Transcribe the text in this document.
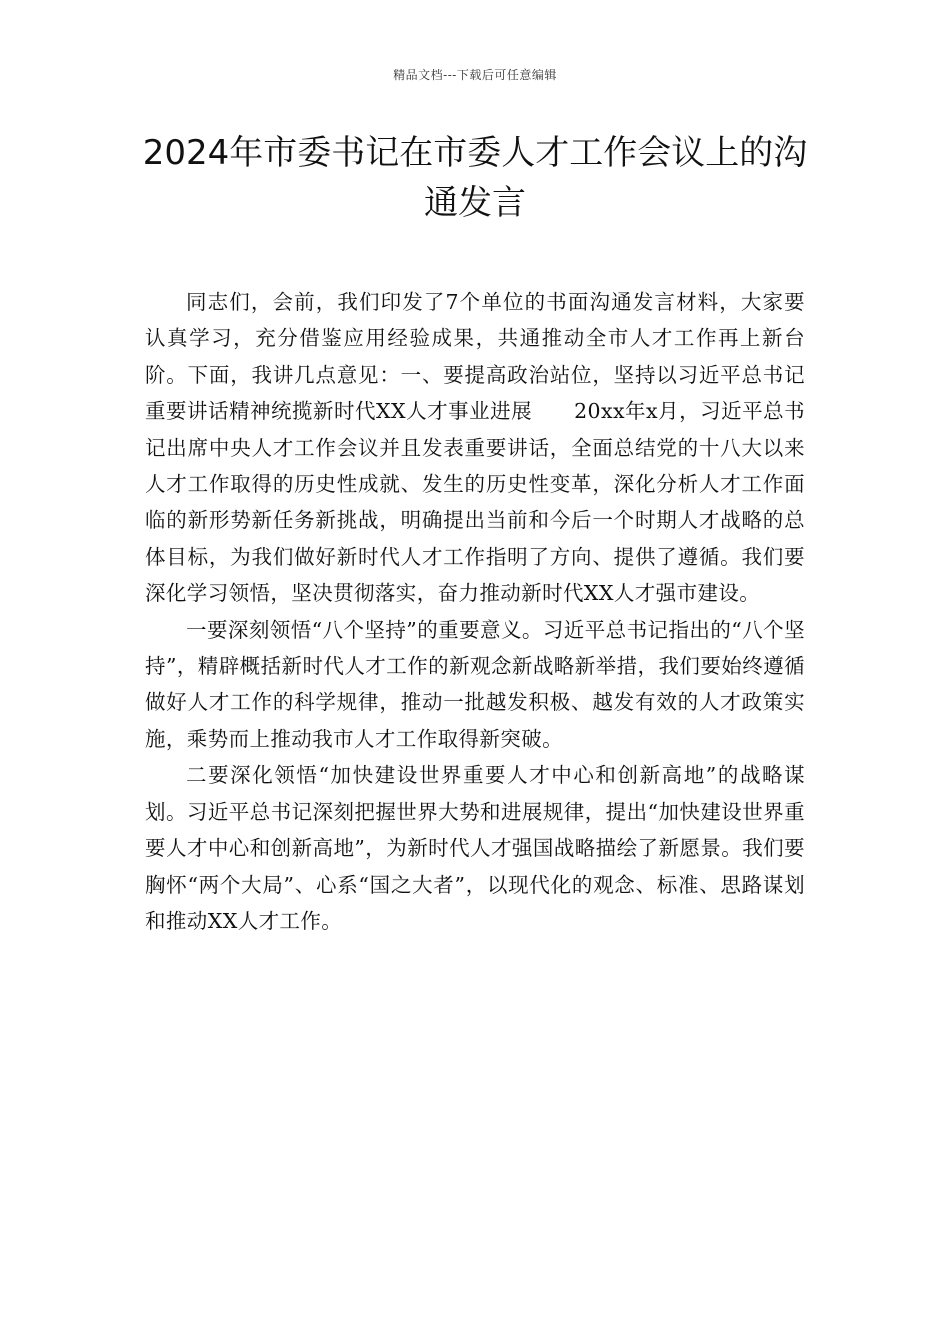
精品文档---下载后可任意编辑
2024年市委书记在市委人才工作会议上的沟通发言

同志们，会前，我们印发了7个单位的书面沟通发言材料，大家要认真学习，充分借鉴应用经验成果，共通推动全市人才工作再上新台阶。下面，我讲几点意见：一、要提高政治站位，坚持以习近平总书记重要讲话精神统揽新时代XX人才事业进展　　20xx年x月，习近平总书记出席中央人才工作会议并且发表重要讲话，全面总结党的十八大以来人才工作取得的历史性成就、发生的历史性变革，深化分析人才工作面临的新形势新任务新挑战，明确提出当前和今后一个时期人才战略的总体目标，为我们做好新时代人才工作指明了方向、提供了遵循。我们要深化学习领悟，坚决贯彻落实，奋力推动新时代XX人才强市建设。

一要深刻领悟“八个坚持”的重要意义。习近平总书记指出的“八个坚持”，精辟概括新时代人才工作的新观念新战略新举措，我们要始终遵循做好人才工作的科学规律，推动一批越发积极、越发有效的人才政策实施，乘势而上推动我市人才工作取得新突破。

二要深化领悟“加快建设世界重要人才中心和创新高地”的战略谋划。习近平总书记深刻把握世界大势和进展规律，提出“加快建设世界重要人才中心和创新高地”，为新时代人才强国战略描绘了新愿景。我们要胸怀“两个大局”、心系“国之大者”，以现代化的观念、标准、思路谋划和推动XX人才工作。
